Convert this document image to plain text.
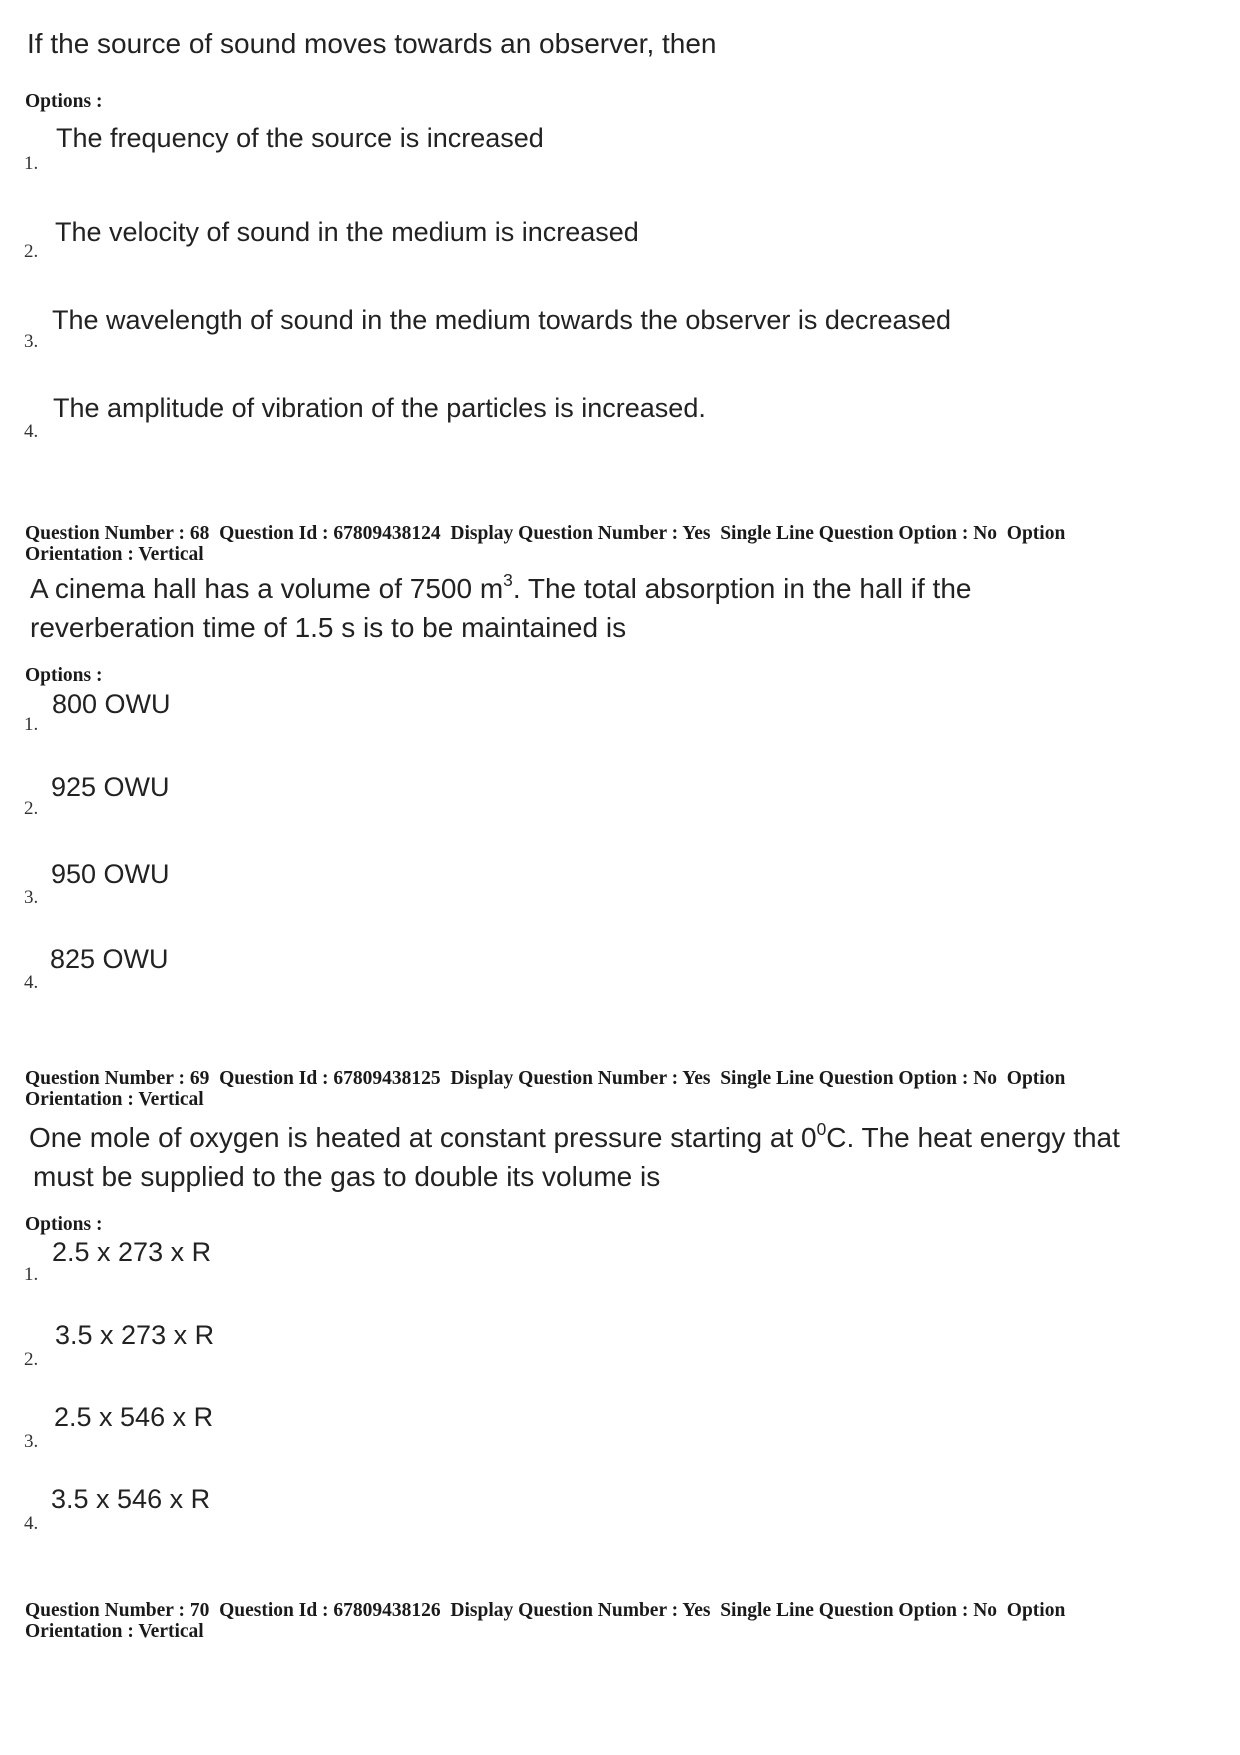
If the source of sound moves towards an observer, then
Options :
1.
The frequency of the source is increased
2.
The velocity of sound in the medium is increased
3.
The wavelength of sound in the medium towards the observer is decreased
4.
The amplitude of vibration of the particles is increased.
Question Number : 68  Question Id : 67809438124  Display Question Number : Yes  Single Line Question Option : No  Option
Orientation : Vertical
A cinema hall has a volume of 7500 $m^3$. The total absorption in the hall if the
reverberation time of 1.5 s is to be maintained is
Options :
1.
800 OWU
2.
925 OWU
3.
950 OWU
4.
825 OWU
Question Number : 69  Question Id : 67809438125  Display Question Number : Yes  Single Line Question Option : No  Option
Orientation : Vertical
One mole of oxygen is heated at constant pressure starting at $0^0C$. The heat energy that
must be supplied to the gas to double its volume is
Options :
1.
2.5 x 273 x R
2.
3.5 x 273 x R
3.
2.5 x 546 x R
4.
3.5 x 546 x R
Question Number : 70  Question Id : 67809438126  Display Question Number : Yes  Single Line Question Option : No  Option
Orientation : Vertical
